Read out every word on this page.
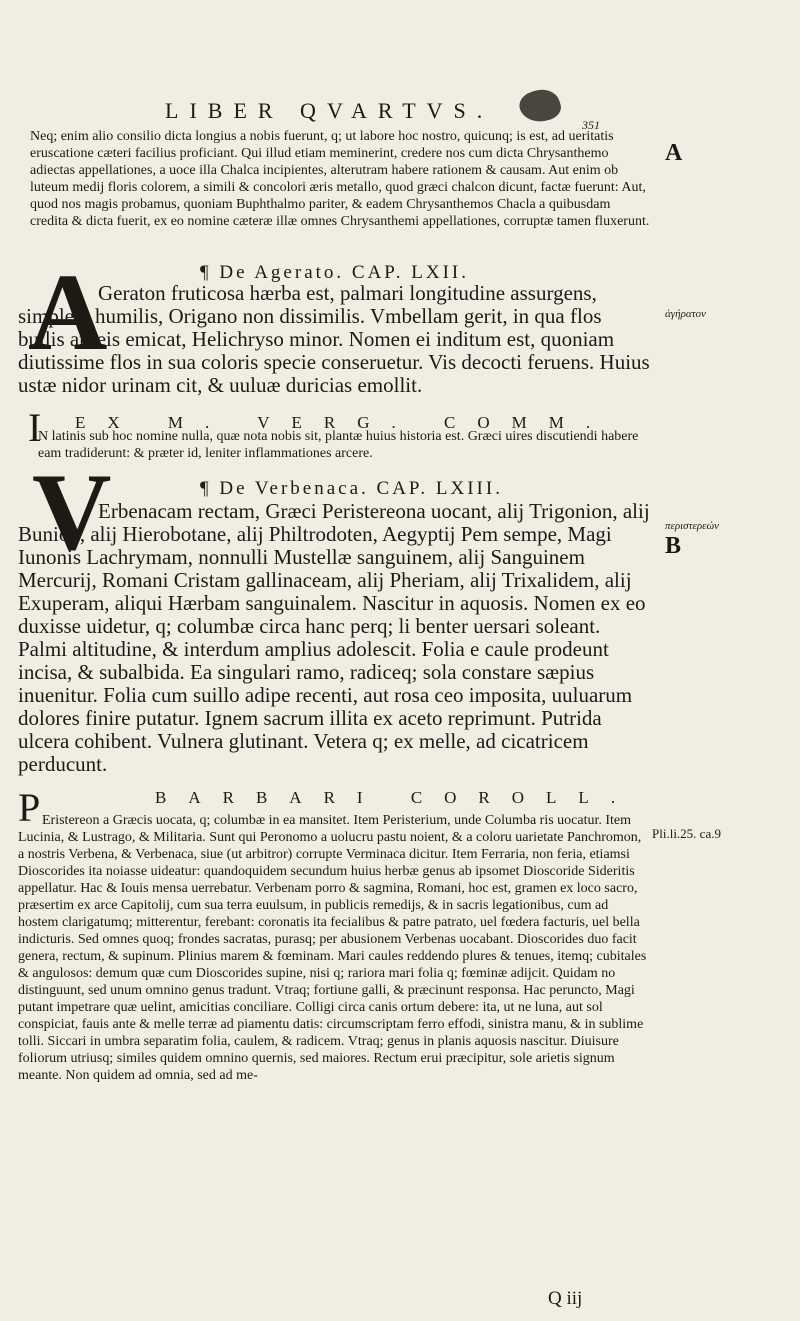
LIBER QVARTVS.
351

Neq; enim alio consilio dicta longius a nobis fuerunt, q; ut labore hoc nostro, quicunq; is est, ad ueritatis eruscatione cæteri facilius proficiant. Qui illud etiam meminerint, credere nos cum dicta Chrysanthemo adiectas appellationes, a uoce illa Chalca incipientes, alterutram habere rationem & causam. Aut enim ob luteum medij floris colorem, a simili & concolori æris metallo, quod græci chalcon dicunt, factæ fuerunt: Aut, quod nos magis probamus, quoniam Buphthalmo pariter, & eadem Chrysanthemos Chacla a quibusdam credita & dicta fuerit, ex eo nomine cæteræ illæ omnes Chrysanthemi appellationes, corruptæ tamen fluxerunt.

¶ De Agerato. CAP. LXII.
A

Geraton fruticosa hærba est, palmari longitudine assurgens, simplex, humilis, Origano non dissimilis. Vmbellam gerit, in qua flos bullis aureis emicat, Helichryso minor. Nomen ei inditum est, quoniam diutissime flos in sua coloris specie conseruetur. Vis decocti feruens. Huius ustæ nidor urinam cit, & uuluæ duricias emollit.

EX M. VERG. COMM.
I

N latinis sub hoc nomine nulla, quæ nota nobis sit, plantæ huius historia est. Græci uires discutiendi habere eam tradiderunt: & præter id, leniter inflammationes arcere.

¶ De Verbenaca. CAP. LXIII.
V

Erbenacam rectam, Græci Peristereona uocant, alij Trigonion, alij Bunion, alij Hierobotane, alij Philtrodoten, Aegyptij Pem sempe, Magi Iunonis Lachrymam, nonnulli Mustellæ sanguinem, alij Sanguinem Mercurij, Romani Cristam gallinaceam, alij Pheriam, alij Trixalidem, alij Exuperam, aliqui Hærbam sanguinalem. Nascitur in aquosis. Nomen ex eo duxisse uidetur, q; columbæ circa hanc perq; li benter uersari soleant. Palmi altitudine, & interdum amplius adolescit. Folia e caule prodeunt incisa, & subalbida. Ea singulari ramo, radiceq; sola constare sæpius inuenitur. Folia cum suillo adipe recenti, aut rosa ceo imposita, uuluarum dolores finire putatur. Ignem sacrum illita ex aceto reprimunt. Putrida ulcera cohibent. Vulnera glutinant. Vetera q; ex melle, ad cicatricem perducunt.

BARBARI COROLL.
P Eristereon a Græcis uocata, q; columbæ in ea mansitet. Item Peristerium, unde Columba ris uocatur. Item Lucinia, & Lustrago, & Militaria. Sunt qui Peronomo a uolucru pastu noient, & a coloru uarietate Panchromon, a nostris Verbena, & Verbenaca, siue (ut arbitror) corrupte Verminaca dicitur. Item Ferraria, non feria, etiamsi Dioscorides ita noiasse uideatur: quandoquidem secundum huius herbæ genus ab ipsomet Dioscoride Sideritis appellatur. Hac & Iouis mensa uerrebatur. Verbenam porro & sagmina, Romani, hoc est, gramen ex loco sacro, præsertim ex arce Capitolij, cum sua terra euulsum, in publicis remedijs, & in sacris legationibus, cum ad hostem clarigatumq; mitterentur, ferebant: coronatis ita fecialibus & patre patrato, uel fœdera facturis, uel bella indicturis. Sed omnes quoq; frondes sacratas, purasq; per abusionem Verbenas uocabant. Dioscorides duo facit genera, rectum, & supinum. Plinius marem & fœminam. Mari caules reddendo plures & tenues, itemq; cubitales & angulosos: demum quæ cum Dioscorides supine, nisi q; rariora mari folia q; fœminæ adijcit. Quidam no distinguunt, sed unum omnino genus tradunt. Vtraq; fortiune galli, & præcinunt responsa. Hac peruncto, Magi putant impetrare quæ uelint, amicitias conciliare. Colligi circa canis ortum debere: ita, ut ne luna, aut sol conspiciat, fauis ante & melle terræ ad piamentu datis: circumscriptam ferro effodi, sinistra manu, & in sublime tolli. Siccari in umbra separatim folia, caulem, & radicem. Vtraq; genus in planis aquosis nascitur. Diuisure foliorum utriusq; similes quidem omnino quernis, sed maiores. Rectum erui præcipitur, sole arietis signum meante. Non quidem ad omnia, sed ad me-

A
ἀγήρατον
περιστερεών
B
Pli.li.25. ca.9
Q iij
